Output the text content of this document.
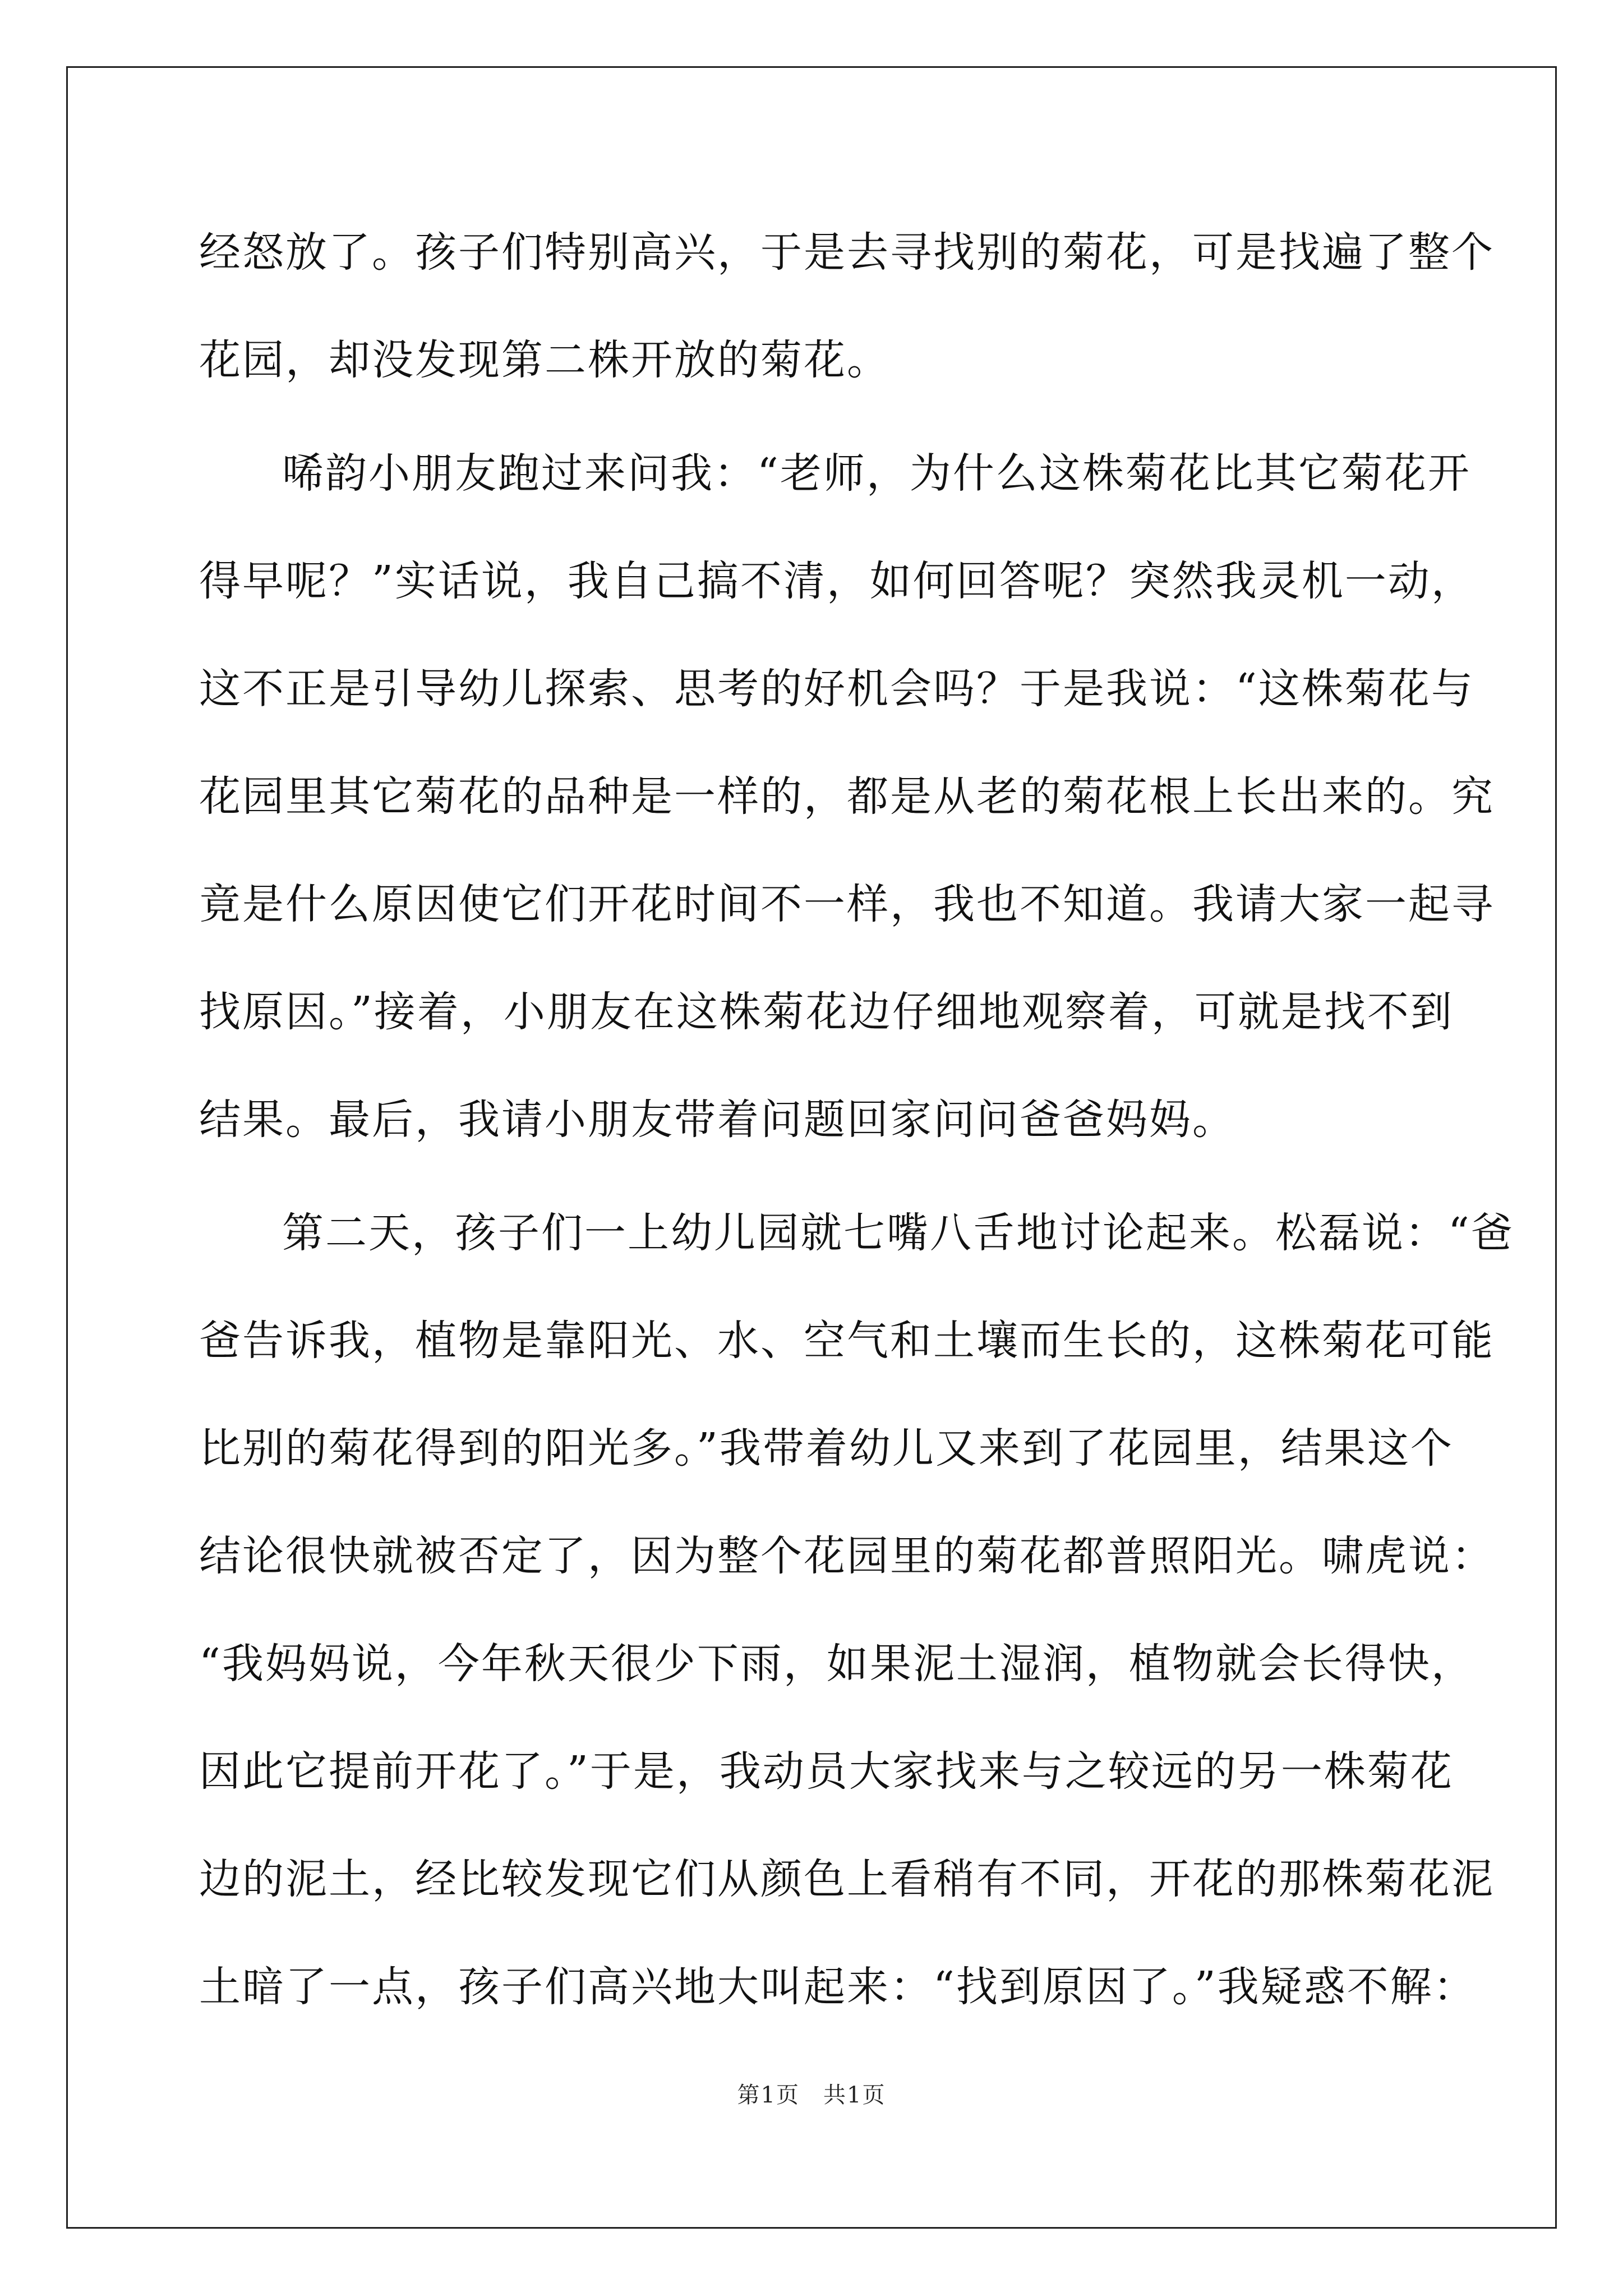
经怒放了。孩子们特别高兴，于是去寻找别的菊花，可是找遍了整个
花园，却没发现第二株开放的菊花。
唏韵小朋友跑过来问我：“老师，为什么这株菊花比其它菊花开
得早呢？”实话说，我自己搞不清，如何回答呢？突然我灵机一动，
这不正是引导幼儿探索、思考的好机会吗？于是我说：“这株菊花与
花园里其它菊花的品种是一样的，都是从老的菊花根上长出来的。究
竟是什么原因使它们开花时间不一样，我也不知道。我请大家一起寻
找原因。”接着，小朋友在这株菊花边仔细地观察着，可就是找不到
结果。最后，我请小朋友带着问题回家问问爸爸妈妈。
第二天，孩子们一上幼儿园就七嘴八舌地讨论起来。松磊说：“爸
爸告诉我，植物是靠阳光、水、空气和土壤而生长的，这株菊花可能
比别的菊花得到的阳光多。”我带着幼儿又来到了花园里，结果这个
结论很快就被否定了，因为整个花园里的菊花都普照阳光。啸虎说：
“我妈妈说，今年秋天很少下雨，如果泥土湿润，植物就会长得快，
因此它提前开花了。”于是，我动员大家找来与之较远的另一株菊花
边的泥土，经比较发现它们从颜色上看稍有不同，开花的那株菊花泥
土暗了一点，孩子们高兴地大叫起来：“找到原因了。”我疑惑不解：
第1页　共1页
